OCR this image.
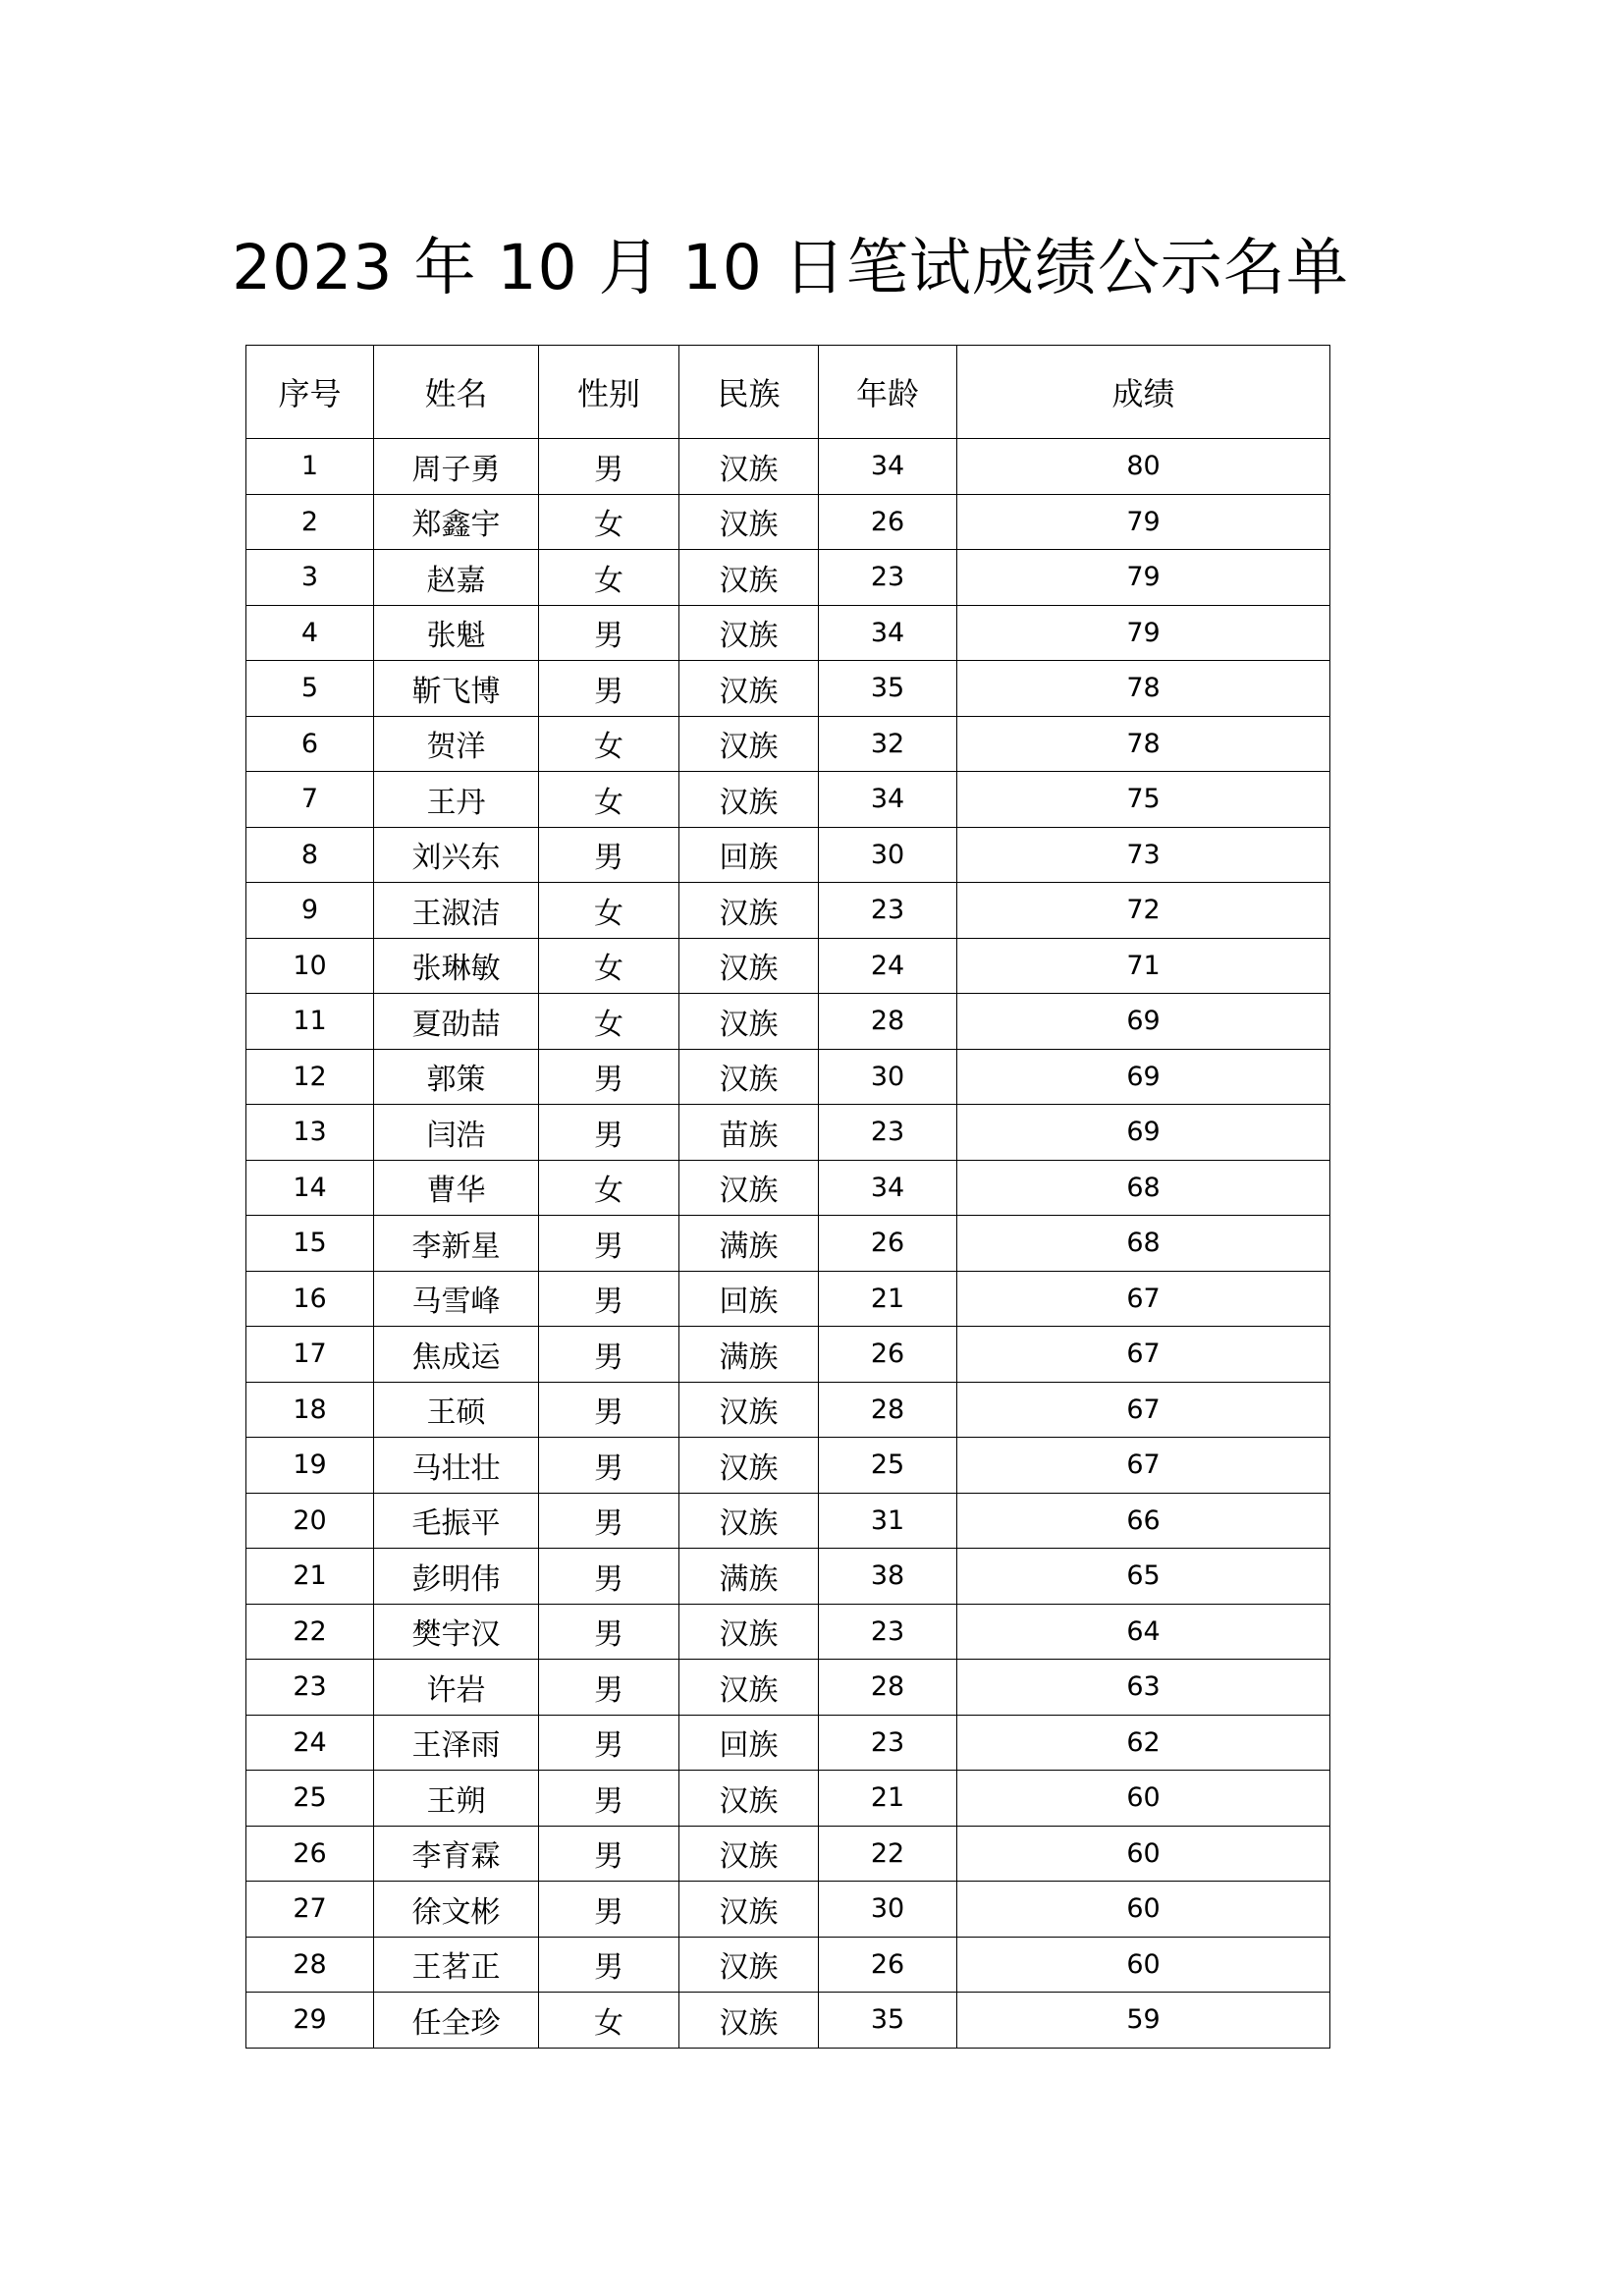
2023 年 10 月 10 日笔试成绩公示名单
序号	姓名	性别	民族	年龄	成绩
1	周子勇	男	汉族	34	80
2	郑鑫宇	女	汉族	26	79
3	赵嘉	女	汉族	23	79
4	张魁	男	汉族	34	79
5	靳飞博	男	汉族	35	78
6	贺洋	女	汉族	32	78
7	王丹	女	汉族	34	75
8	刘兴东	男	回族	30	73
9	王淑洁	女	汉族	23	72
10	张琳敏	女	汉族	24	71
11	夏劭喆	女	汉族	28	69
12	郭策	男	汉族	30	69
13	闫浩	男	苗族	23	69
14	曹华	女	汉族	34	68
15	李新星	男	满族	26	68
16	马雪峰	男	回族	21	67
17	焦成运	男	满族	26	67
18	王硕	男	汉族	28	67
19	马壮壮	男	汉族	25	67
20	毛振平	男	汉族	31	66
21	彭明伟	男	满族	38	65
22	樊宇汉	男	汉族	23	64
23	许岩	男	汉族	28	63
24	王泽雨	男	回族	23	62
25	王朔	男	汉族	21	60
26	李育霖	男	汉族	22	60
27	徐文彬	男	汉族	30	60
28	王茗正	男	汉族	26	60
29	任全珍	女	汉族	35	59
